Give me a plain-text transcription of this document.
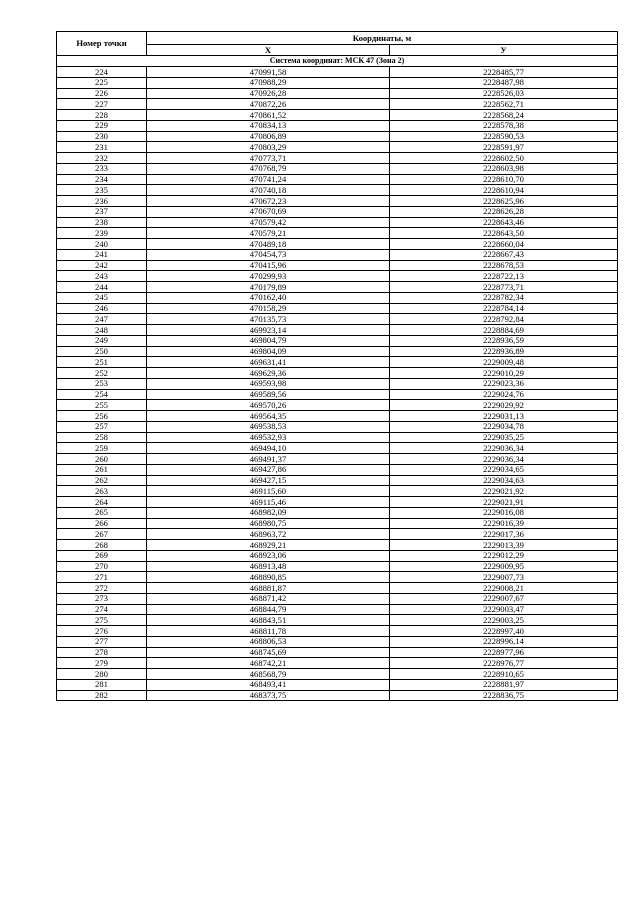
Номер точки	Координаты, м	
	Х	У
Система координат: МСК 47 (Зона 2)		
224	470991,58	2228485,77
225	470988,29	2228487,98
226	470926,28	2228526,03
227	470872,26	2228562,71
228	470861,52	2228568,24
229	470834,13	2228578,38
230	470806,89	2228590,53
231	470803,29	2228591,97
232	470773,71	2228602,50
233	470768,79	2228603,98
234	470741,24	2228610,70
235	470740,18	2228610,94
236	470672,23	2228625,96
237	470670,69	2228626,28
238	470579,42	2228643,46
239	470579,21	2228643,50
240	470489,18	2228660,04
241	470454,73	2228667,43
242	470415,96	2228678,53
243	470299,93	2228722,13
244	470179,89	2228773,71
245	470162,40	2228782,34
246	470158,29	2228784,14
247	470135,73	2228792,84
248	469923,14	2228884,69
249	469804,79	2228936,59
250	469804,09	2228936,89
251	469631,41	2229009,48
252	469629,36	2229010,29
253	469593,98	2229023,36
254	469589,56	2229024,76
255	469570,26	2229029,92
256	469564,35	2229031,13
257	469538,53	2229034,78
258	469532,93	2229035,25
259	469494,10	2229036,34
260	469491,37	2229036,34
261	469427,86	2229034,65
262	469427,15	2229034,63
263	469115,60	2229021,92
264	469115,46	2229021,91
265	468982,09	2229016,08
266	468980,75	2229016,39
267	468963,72	2229017,36
268	468929,21	2229013,39
269	468923,06	2229012,29
270	468913,48	2229009,95
271	468890,85	2229007,73
272	468881,87	2229008,21
273	468871,42	2229007,67
274	468844,79	2229003,47
275	468843,51	2229003,25
276	468811,78	2228997,40
277	468806,53	2228996,14
278	468745,69	2228977,96
279	468742,21	2228976,77
280	468568,79	2228910,65
281	468493,41	2228881,97
282	468373,75	2228836,75
